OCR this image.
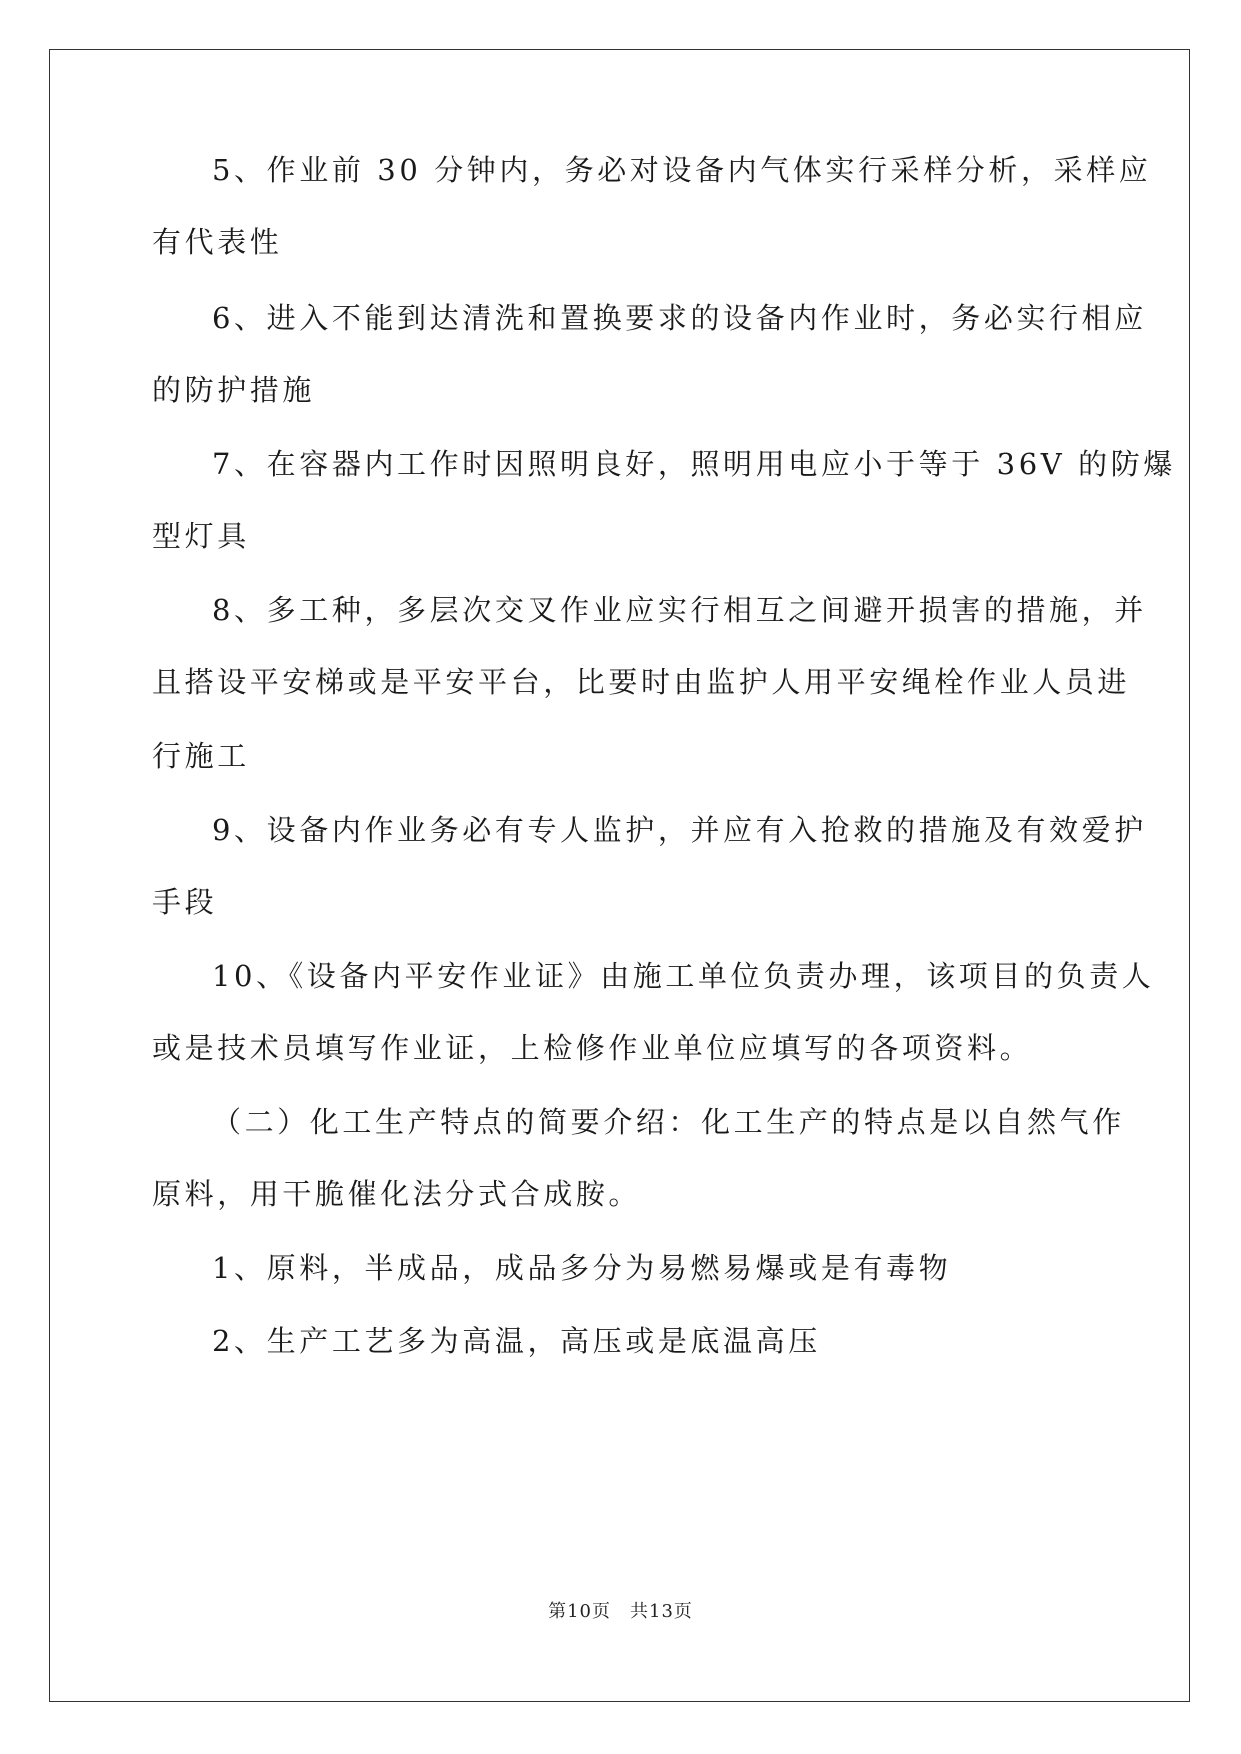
5、作业前 30 分钟内，务必对设备内气体实行采样分析，采样应
有代表性
6、进入不能到达清洗和置换要求的设备内作业时，务必实行相应
的防护措施
7、在容器内工作时因照明良好，照明用电应小于等于 36V 的防爆
型灯具
8、多工种，多层次交叉作业应实行相互之间避开损害的措施，并
且搭设平安梯或是平安平台，比要时由监护人用平安绳栓作业人员进
行施工
9、设备内作业务必有专人监护，并应有入抢救的措施及有效爱护
手段
10、《设备内平安作业证》由施工单位负责办理，该项目的负责人
或是技术员填写作业证，上检修作业单位应填写的各项资料。
（二）化工生产特点的简要介绍：化工生产的特点是以自然气作
原料，用干脆催化法分式合成胺。
1、原料，半成品，成品多分为易燃易爆或是有毒物
2、生产工艺多为高温，高压或是底温高压
第10页　共13页
